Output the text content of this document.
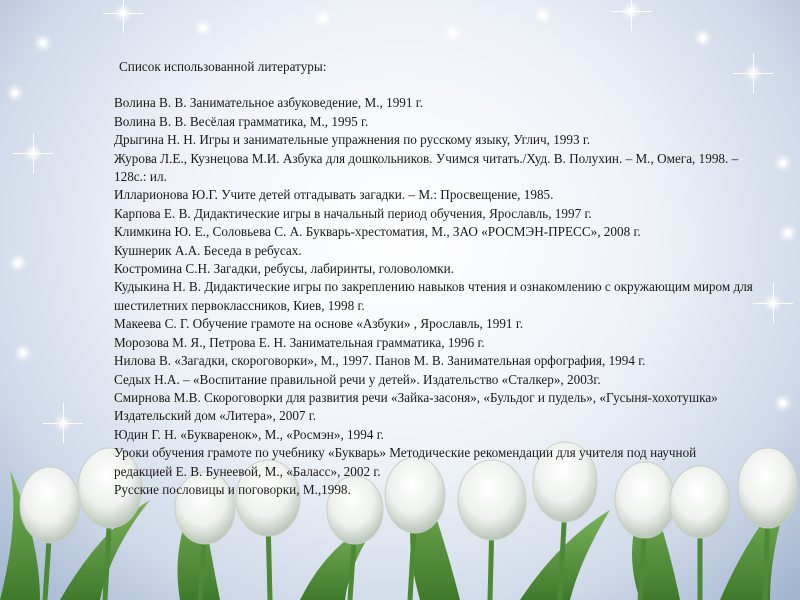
Список использованной литературы:

Волина В. В. Занимательное азбуковедение, М., 1991 г.

Волина В. В. Весёлая грамматика, М., 1995 г.

Дрыгина Н. Н. Игры и занимательные упражнения по русскому языку, Углич, 1993 г.

Журова Л.Е., Кузнецова М.И. Азбука для дошкольников. Учимся читать./Худ. В. Полухин. – М., Омега, 1998. – 128с.: ил.

Илларионова Ю.Г. Учите детей отгадывать загадки. – М.: Просвещение, 1985.

Карпова Е. В. Дидактические игры в начальный период обучения, Ярославль, 1997 г.

Климкина Ю. Е., Соловьева С. А. Букварь-хрестоматия, М., ЗАО «РОСМЭН-ПРЕСС», 2008 г.

Кушнерик А.А. Беседа в ребусах.

Костромина С.Н. Загадки, ребусы, лабиринты, головоломки.

Кудыкина Н. В. Дидактические игры по закреплению навыков чтения и ознакомлению с окружающим миром для шестилетних первоклассников, Киев, 1998 г.

Макеева С. Г. Обучение грамоте на основе «Азбуки» , Ярославль, 1991 г.

Морозова М. Я., Петрова Е. Н. Занимательная грамматика, 1996 г.

Нилова В. «Загадки, скороговорки», М., 1997. Панов М. В. Занимательная орфография, 1994 г.

Седых Н.А. – «Воспитание правильной речи у детей». Издательство «Сталкер», 2003г.

Смирнова М.В. Скороговорки для развития речи «Зайка-засоня», «Бульдог и пудель», «Гусыня-хохотушка» Издательский дом «Литера», 2007 г.

Юдин Г. Н. «Букваренок», М., «Росмэн», 1994 г.

Уроки обучения грамоте по учебнику «Букварь» Методические рекомендации для учителя под научной редакцией Е. В. Бунеевой, М., «Баласс», 2002 г.

Русские пословицы и поговорки, М.,1998.
